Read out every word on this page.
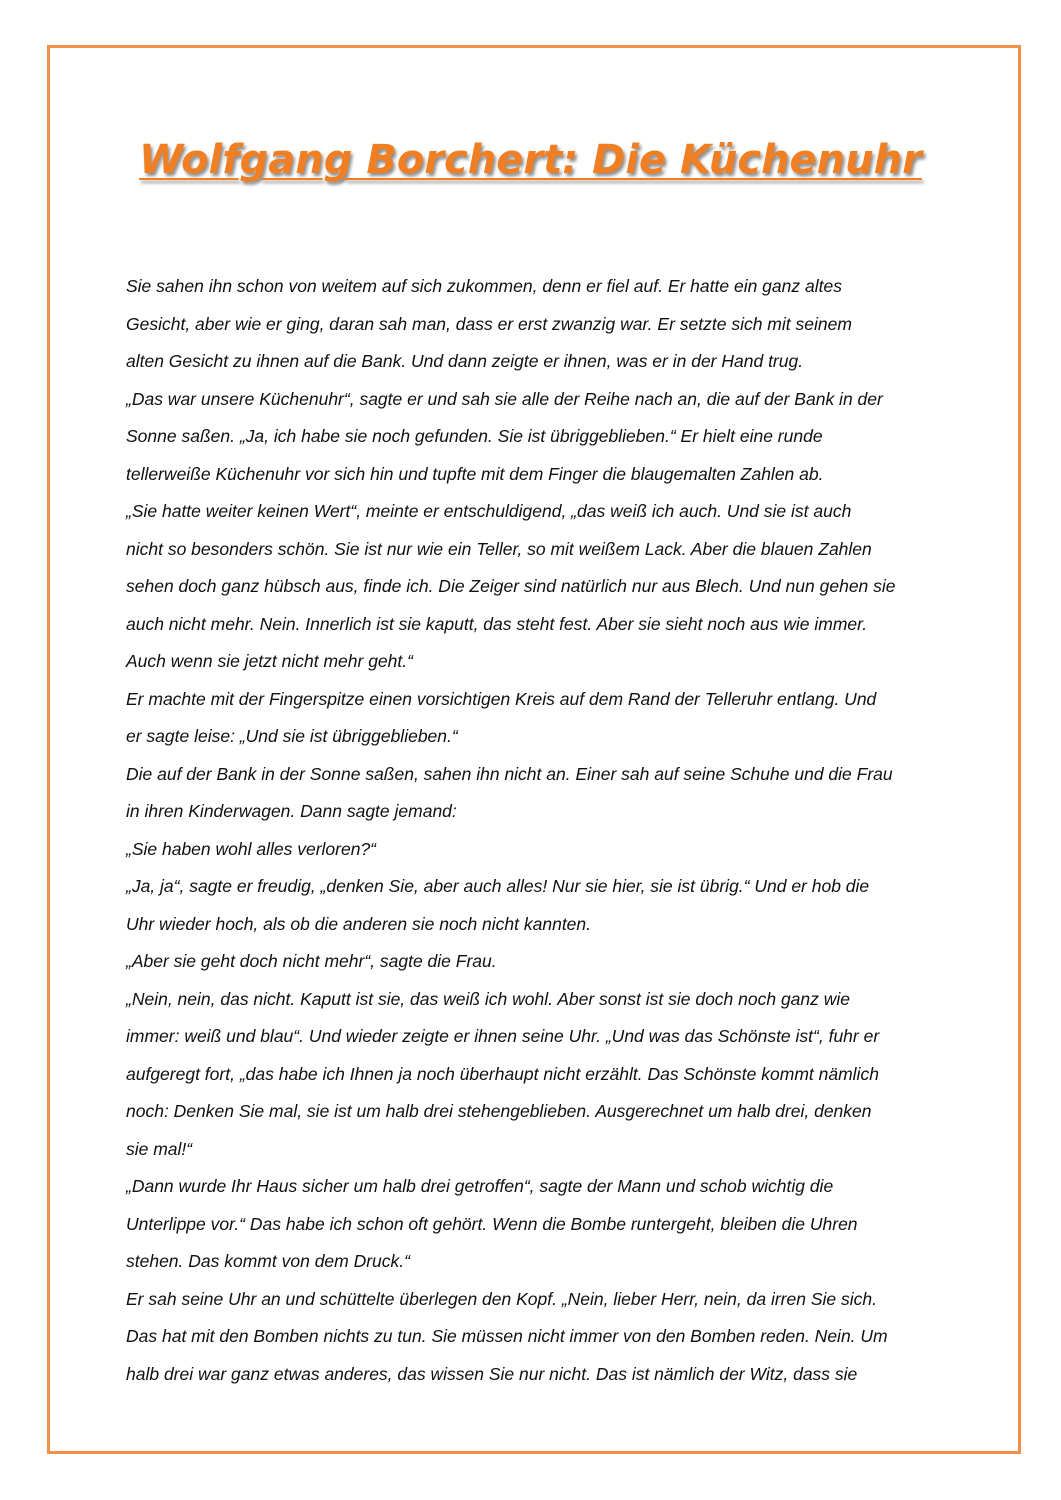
Wolfgang Borchert: Die Küchenuhr
Sie sahen ihn schon von weitem auf sich zukommen, denn er fiel auf. Er hatte ein ganz altes
Gesicht, aber wie er ging, daran sah man, dass er erst zwanzig war. Er setzte sich mit seinem
alten Gesicht zu ihnen auf die Bank. Und dann zeigte er ihnen, was er in der Hand trug.
„Das war unsere Küchenuhr“, sagte er und sah sie alle der Reihe nach an, die auf der Bank in der
Sonne saßen. „Ja, ich habe sie noch gefunden. Sie ist übriggeblieben.“ Er hielt eine runde
tellerweiße Küchenuhr vor sich hin und tupfte mit dem Finger die blaugemalten Zahlen ab.
„Sie hatte weiter keinen Wert“, meinte er entschuldigend, „das weiß ich auch. Und sie ist auch
nicht so besonders schön. Sie ist nur wie ein Teller, so mit weißem Lack. Aber die blauen Zahlen
sehen doch ganz hübsch aus, finde ich. Die Zeiger sind natürlich nur aus Blech. Und nun gehen sie
auch nicht mehr. Nein. Innerlich ist sie kaputt, das steht fest. Aber sie sieht noch aus wie immer.
Auch wenn sie jetzt nicht mehr geht.“
Er machte mit der Fingerspitze einen vorsichtigen Kreis auf dem Rand der Telleruhr entlang. Und
er sagte leise: „Und sie ist übriggeblieben.“
Die auf der Bank in der Sonne saßen, sahen ihn nicht an. Einer sah auf seine Schuhe und die Frau
in ihren Kinderwagen. Dann sagte jemand:
„Sie haben wohl alles verloren?“
„Ja, ja“, sagte er freudig, „denken Sie, aber auch alles! Nur sie hier, sie ist übrig.“ Und er hob die
Uhr wieder hoch, als ob die anderen sie noch nicht kannten.
„Aber sie geht doch nicht mehr“, sagte die Frau.
„Nein, nein, das nicht. Kaputt ist sie, das weiß ich wohl. Aber sonst ist sie doch noch ganz wie
immer: weiß und blau“. Und wieder zeigte er ihnen seine Uhr. „Und was das Schönste ist“, fuhr er
aufgeregt fort, „das habe ich Ihnen ja noch überhaupt nicht erzählt. Das Schönste kommt nämlich
noch: Denken Sie mal, sie ist um halb drei stehengeblieben. Ausgerechnet um halb drei, denken
sie mal!“
„Dann wurde Ihr Haus sicher um halb drei getroffen“, sagte der Mann und schob wichtig die
Unterlippe vor.“ Das habe ich schon oft gehört. Wenn die Bombe runtergeht, bleiben die Uhren
stehen. Das kommt von dem Druck.“
Er sah seine Uhr an und schüttelte überlegen den Kopf. „Nein, lieber Herr, nein, da irren Sie sich.
Das hat mit den Bomben nichts zu tun. Sie müssen nicht immer von den Bomben reden. Nein. Um
halb drei war ganz etwas anderes, das wissen Sie nur nicht. Das ist nämlich der Witz, dass sie
